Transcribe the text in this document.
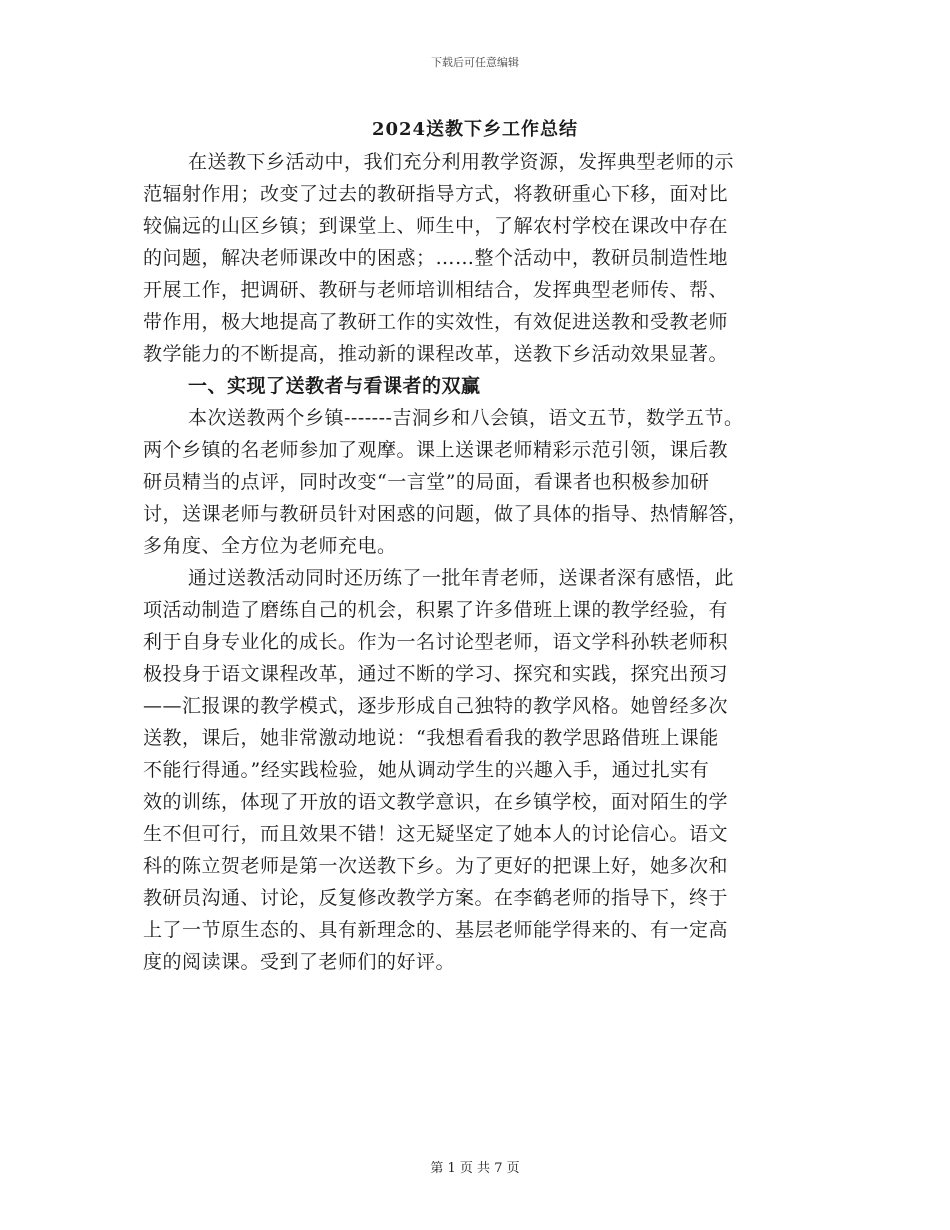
下载后可任意编辑
2024送教下乡工作总结
在送教下乡活动中，我们充分利用教学资源，发挥典型老师的示
范辐射作用；改变了过去的教研指导方式，将教研重心下移，面对比
较偏远的山区乡镇；到课堂上、师生中，了解农村学校在课改中存在
的问题，解决老师课改中的困惑；……整个活动中，教研员制造性地
开展工作，把调研、教研与老师培训相结合，发挥典型老师传、帮、
带作用，极大地提高了教研工作的实效性，有效促进送教和受教老师
教学能力的不断提高，推动新的课程改革，送教下乡活动效果显著。
一、实现了送教者与看课者的双赢
本次送教两个乡镇-------吉洞乡和八会镇，语文五节，数学五节。
两个乡镇的名老师参加了观摩。课上送课老师精彩示范引领，课后教
研员精当的点评，同时改变“一言堂”的局面，看课者也积极参加研
讨，送课老师与教研员针对困惑的问题，做了具体的指导、热情解答，
多角度、全方位为老师充电。
通过送教活动同时还历练了一批年青老师，送课者深有感悟，此
项活动制造了磨练自己的机会，积累了许多借班上课的教学经验，有
利于自身专业化的成长。作为一名讨论型老师，语文学科孙轶老师积
极投身于语文课程改革，通过不断的学习、探究和实践，探究出预习
——汇报课的教学模式，逐步形成自己独特的教学风格。她曾经多次
送教，课后，她非常激动地说：“我想看看我的教学思路借班上课能
不能行得通。”经实践检验，她从调动学生的兴趣入手，通过扎实有
效的训练，体现了开放的语文教学意识，在乡镇学校，面对陌生的学
生不但可行，而且效果不错！这无疑坚定了她本人的讨论信心。语文
科的陈立贺老师是第一次送教下乡。为了更好的把课上好，她多次和
教研员沟通、讨论，反复修改教学方案。在李鹤老师的指导下，终于
上了一节原生态的、具有新理念的、基层老师能学得来的、有一定高
度的阅读课。受到了老师们的好评。
第 1 页 共 7 页
